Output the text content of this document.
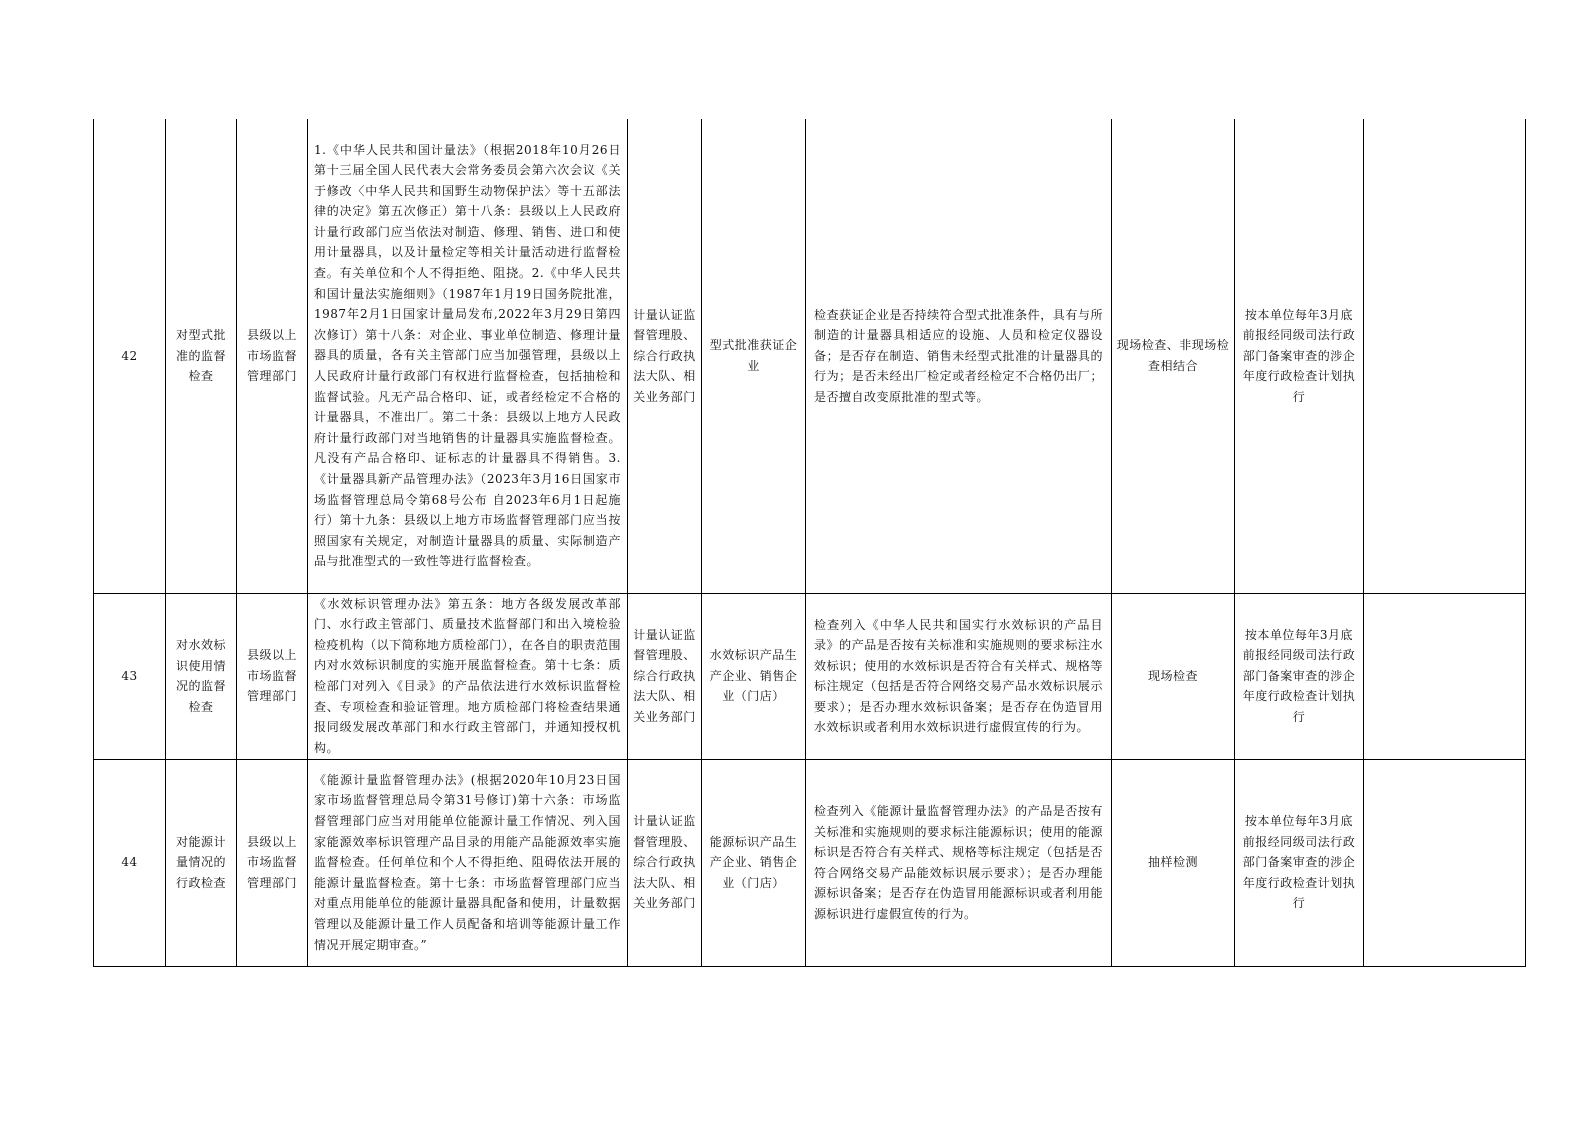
42	对型式批准的监督检查	县级以上市场监督管理部门	1.《中华人民共和国计量法》（根据2018年10月26日第十三届全国人民代表大会常务委员会第六次会议《关于修改〈中华人民共和国野生动物保护法〉等十五部法律的决定》第五次修正）第十八条：县级以上人民政府计量行政部门应当依法对制造、修理、销售、进口和使用计量器具，以及计量检定等相关计量活动进行监督检查。有关单位和个人不得拒绝、阻挠。2.《中华人民共和国计量法实施细则》（1987年1月19日国务院批准，1987年2月1日国家计量局发布,2022年3月29日第四次修订）第十八条：对企业、事业单位制造、修理计量器具的质量，各有关主管部门应当加强管理，县级以上人民政府计量行政部门有权进行监督检查，包括抽检和监督试验。凡无产品合格印、证，或者经检定不合格的计量器具，不准出厂。第二十条：县级以上地方人民政府计量行政部门对当地销售的计量器具实施监督检查。凡没有产品合格印、证标志的计量器具不得销售。3.《计量器具新产品管理办法》（2023年3月16日国家市场监督管理总局令第68号公布 自2023年6月1日起施行）第十九条：县级以上地方市场监督管理部门应当按照国家有关规定，对制造计量器具的质量、实际制造产品与批准型式的一致性等进行监督检查。	计量认证监督管理股、综合行政执法大队、相关业务部门	型式批准获证企业	检查获证企业是否持续符合型式批准条件，具有与所制造的计量器具相适应的设施、人员和检定仪器设备；是否存在制造、销售未经型式批准的计量器具的行为；是否未经出厂检定或者经检定不合格仍出厂；是否擅自改变原批准的型式等。	现场检查、非现场检查相结合	按本单位每年3月底前报经同级司法行政部门备案审查的涉企年度行政检查计划执行	
43	对水效标识使用情况的监督检查	县级以上市场监督管理部门	《水效标识管理办法》第五条：地方各级发展改革部门、水行政主管部门、质量技术监督部门和出入境检验检疫机构（以下简称地方质检部门），在各自的职责范围内对水效标识制度的实施开展监督检查。第十七条：质检部门对列入《目录》的产品依法进行水效标识监督检查、专项检查和验证管理。地方质检部门将检查结果通报同级发展改革部门和水行政主管部门，并通知授权机构。	计量认证监督管理股、综合行政执法大队、相关业务部门	水效标识产品生产企业、销售企业（门店）	检查列入《中华人民共和国实行水效标识的产品目录》的产品是否按有关标准和实施规则的要求标注水效标识；使用的水效标识是否符合有关样式、规格等标注规定（包括是否符合网络交易产品水效标识展示要求）；是否办理水效标识备案；是否存在伪造冒用水效标识或者利用水效标识进行虚假宣传的行为。	现场检查	按本单位每年3月底前报经同级司法行政部门备案审查的涉企年度行政检查计划执行	
44	对能源计量情况的行政检查	县级以上市场监督管理部门	《能源计量监督管理办法》(根据2020年10月23日国家市场监督管理总局令第31号修订)第十六条：市场监督管理部门应当对用能单位能源计量工作情况、列入国家能源效率标识管理产品目录的用能产品能源效率实施监督检查。任何单位和个人不得拒绝、阻碍依法开展的能源计量监督检查。第十七条：市场监督管理部门应当对重点用能单位的能源计量器具配备和使用，计量数据管理以及能源计量工作人员配备和培训等能源计量工作情况开展定期审查。”	计量认证监督管理股、综合行政执法大队、相关业务部门	能源标识产品生产企业、销售企业（门店）	检查列入《能源计量监督管理办法》的产品是否按有关标准和实施规则的要求标注能源标识；使用的能源标识是否符合有关样式、规格等标注规定（包括是否符合网络交易产品能效标识展示要求）；是否办理能源标识备案；是否存在伪造冒用能源标识或者利用能源标识进行虚假宣传的行为。	抽样检测	按本单位每年3月底前报经同级司法行政部门备案审查的涉企年度行政检查计划执行	
